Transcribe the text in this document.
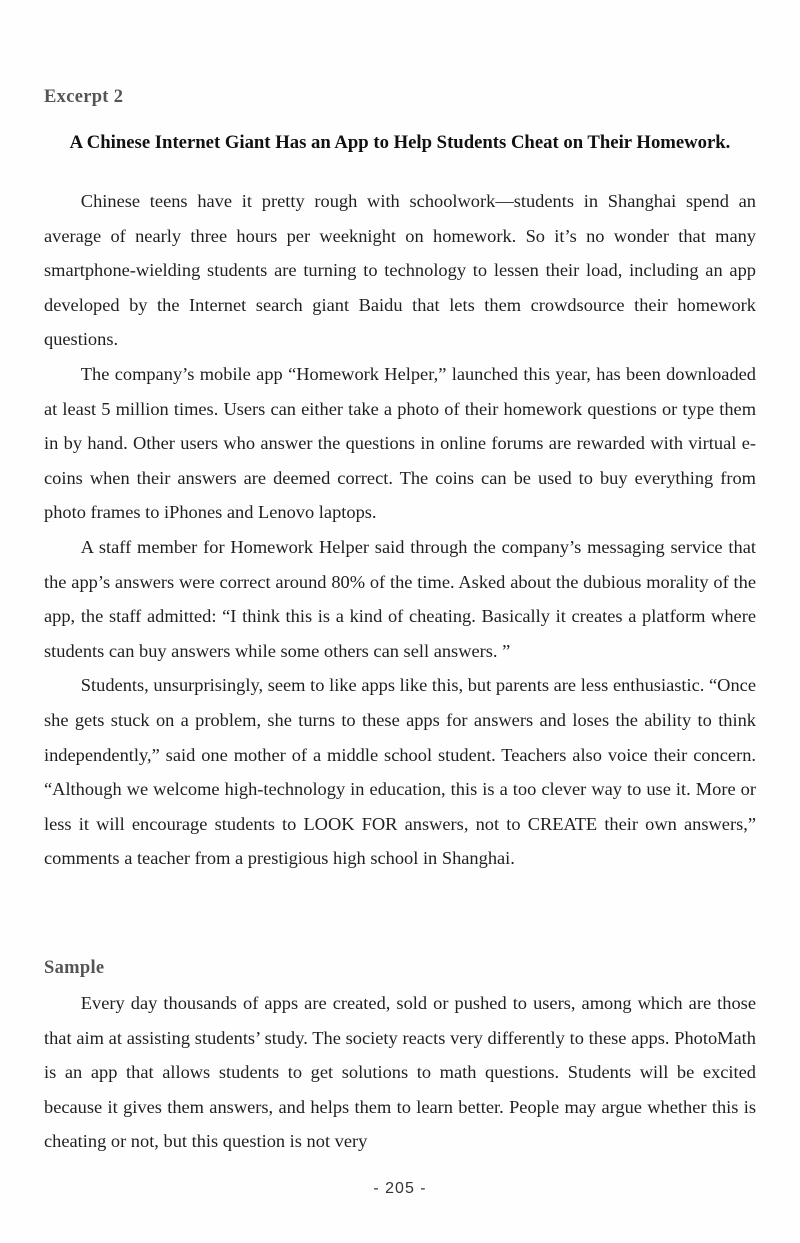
Excerpt 2
A Chinese Internet Giant Has an App to Help Students Cheat on Their Homework.

Chinese teens have it pretty rough with schoolwork—students in Shanghai spend an average of nearly three hours per weeknight on homework. So it’s no wonder that many smartphone-wielding students are turning to technology to lessen their load, including an app developed by the Internet search giant Baidu that lets them crowdsource their homework questions.

The company’s mobile app “Homework Helper,” launched this year, has been downloaded at least 5 million times. Users can either take a photo of their homework questions or type them in by hand. Other users who answer the questions in online forums are rewarded with virtual e-coins when their answers are deemed correct. The coins can be used to buy everything from photo frames to iPhones and Lenovo laptops.

A staff member for Homework Helper said through the company’s messaging service that the app’s answers were correct around 80% of the time. Asked about the dubious morality of the app, the staff admitted: “I think this is a kind of cheating. Basically it creates a platform where students can buy answers while some others can sell answers. ”

Students, unsurprisingly, seem to like apps like this, but parents are less enthusiastic. “Once she gets stuck on a problem, she turns to these apps for answers and loses the ability to think independently,” said one mother of a middle school student. Teachers also voice their concern. “Although we welcome high-technology in education, this is a too clever way to use it. More or less it will encourage students to LOOK FOR answers, not to CREATE their own answers,” comments a teacher from a prestigious high school in Shanghai.

Sample

Every day thousands of apps are created, sold or pushed to users, among which are those that aim at assisting students’ study. The society reacts very differently to these apps. PhotoMath is an app that allows students to get solutions to math questions. Students will be excited because it gives them answers, and helps them to learn better. People may argue whether this is cheating or not, but this question is not very

- 205 -
